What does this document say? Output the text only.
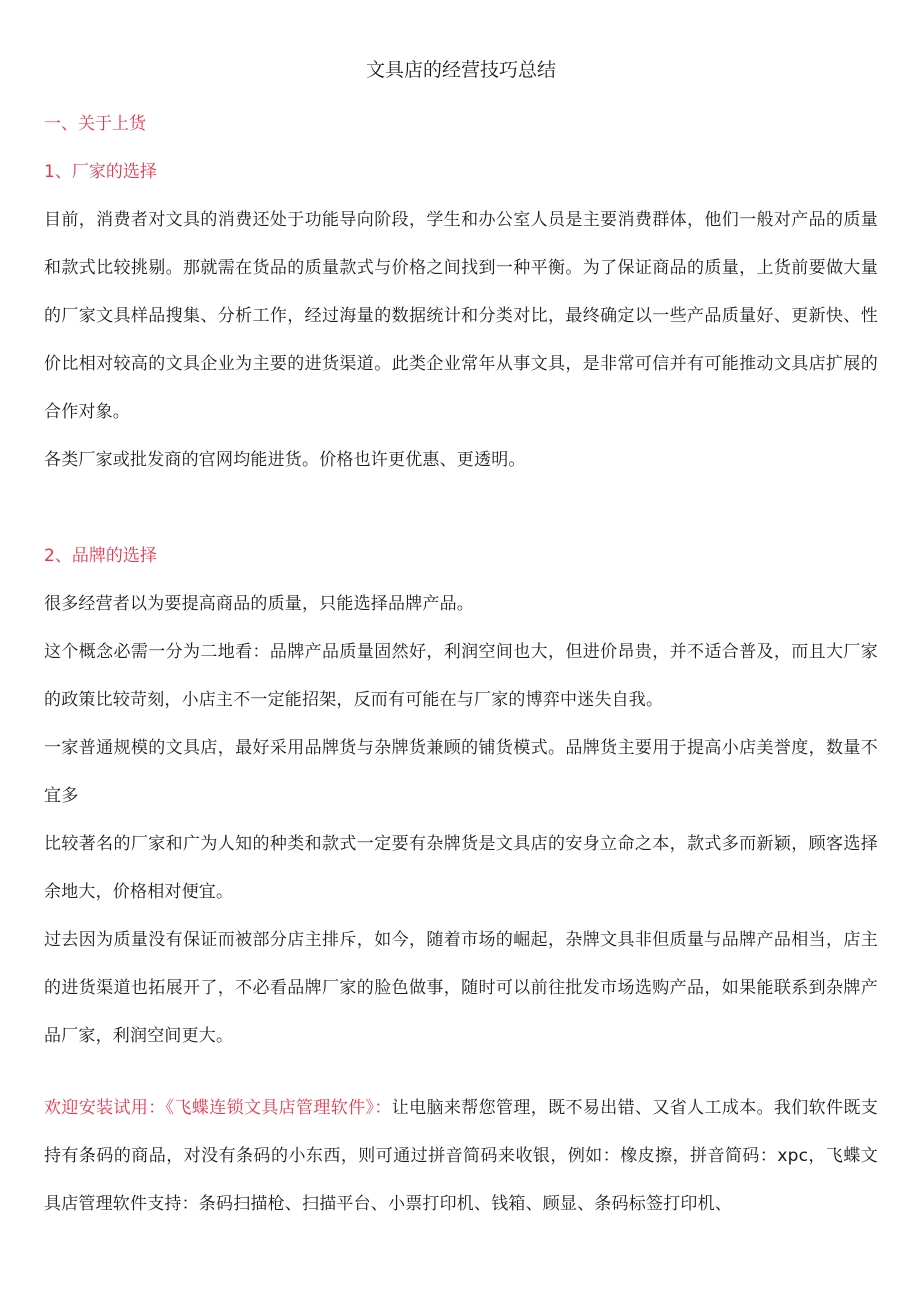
文具店的经营技巧总结
一、关于上货
1、厂家的选择

目前，消费者对文具的消费还处于功能导向阶段，学生和办公室人员是主要消费群体，他们一般对产品的质量和款式比较挑剔。那就需在货品的质量款式与价格之间找到一种平衡。为了保证商品的质量，上货前要做大量的厂家文具样品搜集、分析工作，经过海量的数据统计和分类对比，最终确定以一些产品质量好、更新快、性价比相对较高的文具企业为主要的进货渠道。此类企业常年从事文具，是非常可信并有可能推动文具店扩展的合作对象。

各类厂家或批发商的官网均能进货。价格也许更优惠、更透明。

2、品牌的选择

很多经营者以为要提高商品的质量，只能选择品牌产品。

这个概念必需一分为二地看：品牌产品质量固然好，利润空间也大，但进价昂贵，并不适合普及，而且大厂家的政策比较苛刻，小店主不一定能招架，反而有可能在与厂家的博弈中迷失自我。

一家普通规模的文具店，最好采用品牌货与杂牌货兼顾的铺货模式。品牌货主要用于提高小店美誉度，数量不宜多

比较著名的厂家和广为人知的种类和款式一定要有杂牌货是文具店的安身立命之本，款式多而新颖，顾客选择余地大，价格相对便宜。

过去因为质量没有保证而被部分店主排斥，如今，随着市场的崛起，杂牌文具非但质量与品牌产品相当，店主的进货渠道也拓展开了，不必看品牌厂家的脸色做事，随时可以前往批发市场选购产品，如果能联系到杂牌产品厂家，利润空间更大。

欢迎安装试用：《飞蝶连锁文具店管理软件》：让电脑来帮您管理，既不易出错、又省人工成本。我们软件既支持有条码的商品，对没有条码的小东西，则可通过拼音简码来收银，例如：橡皮擦，拼音简码：xpc，飞蝶文具店管理软件支持：条码扫描枪、扫描平台、小票打印机、钱箱、顾显、条码标签打印机、
